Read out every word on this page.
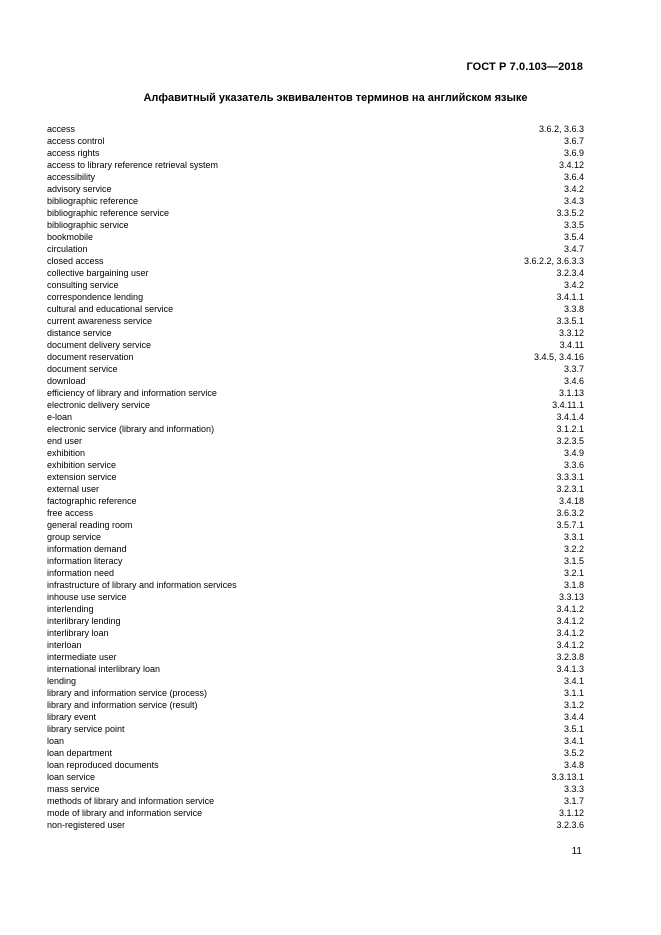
ГОСТ Р 7.0.103—2018
Алфавитный указатель эквивалентов терминов на английском языке
access	3.6.2, 3.6.3
access control	3.6.7
access rights	3.6.9
access to library reference retrieval system	3.4.12
accessibility	3.6.4
advisory service	3.4.2
bibliographic reference	3.4.3
bibliographic reference service	3.3.5.2
bibliographic service	3.3.5
bookmobile	3.5.4
circulation	3.4.7
closed access	3.6.2.2, 3.6.3.3
collective bargaining user	3.2.3.4
consulting service	3.4.2
correspondence lending	3.4.1.1
cultural and educational service	3.3.8
current awareness service	3.3.5.1
distance service	3.3.12
document delivery service	3.4.11
document reservation	3.4.5, 3.4.16
document service	3.3.7
download	3.4.6
efficiency of library and information service	3.1.13
electronic delivery service	3.4.11.1
e-loan	3.4.1.4
electronic service (library and information)	3.1.2.1
end user	3.2.3.5
exhibition	3.4.9
exhibition service	3.3.6
extension service	3.3.3.1
external user	3.2.3.1
factographic reference	3.4.18
free access	3.6.3.2
general reading room	3.5.7.1
group service	3.3.1
information demand	3.2.2
information literacy	3.1.5
information need	3.2.1
infrastructure of library and information services	3.1.8
inhouse use service	3.3.13
interlending	3.4.1.2
interlibrary lending	3.4.1.2
interlibrary loan	3.4.1.2
interloan	3.4.1.2
intermediate user	3.2.3.8
international interlibrary loan	3.4.1.3
lending	3.4.1
library and information service (process)	3.1.1
library and information service (result)	3.1.2
library event	3.4.4
library service point	3.5.1
loan	3.4.1
loan department	3.5.2
loan reproduced documents	3.4.8
loan service	3.3.13.1
mass service	3.3.3
methods of library and information service	3.1.7
mode of library and information service	3.1.12
non-registered user	3.2.3.6
11
